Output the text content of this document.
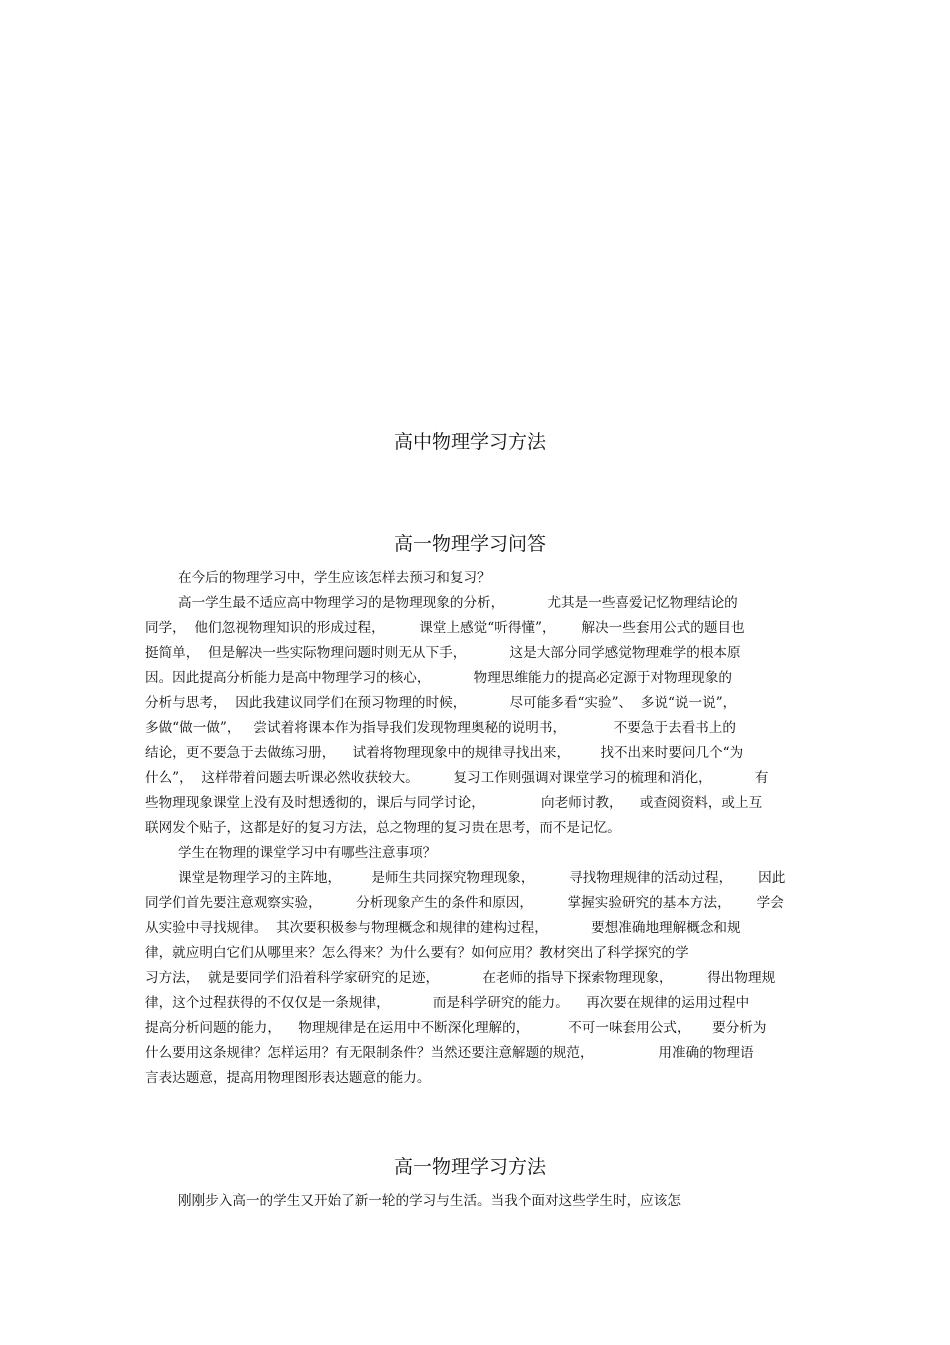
高中物理学习方法
高一物理学习问答

在今后的物理学习中，学生应该怎样去预习和复习？

高一学生最不适应高中物理学习的是物理现象的分析，          尤其是一些喜爱记忆物理结论的

同学，  他们忽视物理知识的形成过程，        课堂上感觉“听得懂”，      解决一些套用公式的题目也

挺简单，  但是解决一些实际物理问题时则无从下手，          这是大部分同学感觉物理难学的根本原

因。因此提高分析能力是高中物理学习的核心，          物理思维能力的提高必定源于对物理现象的

分析与思考，  因此我建议同学们在预习物理的时候，          尽可能多看“实验”、  多说“说一说”，

多做“做一做”，   尝试着将课本作为指导我们发现物理奥秘的说明书，           不要急于去看书上的

结论，更不要急于去做练习册，    试着将物理现象中的规律寻找出来，       找不出来时要问几个“为

什么”，  这样带着问题去听课必然收获较大。        复习工作则强调对课堂学习的梳理和消化，          有

些物理现象课堂上没有及时想透彻的，课后与同学讨论，             向老师讨教，    或查阅资料，或上互

联网发个贴子，这都是好的复习方法，总之物理的复习贵在思考，而不是记忆。

学生在物理的课堂学习中有哪些注意事项？

课堂是物理学习的主阵地，       是师生共同探究物理现象，        寻找物理规律的活动过程，      因此

同学们首先要注意观察实验，        分析现象产生的条件和原因，        掌握实验研究的基本方法，      学会

从实验中寻找规律。  其次要积极参与物理概念和规律的建构过程，          要想准确地理解概念和规

律，就应明白它们从哪里来？怎么得来？为什么要有？如何应用？教材突出了科学探究的学

习方法，  就是要同学们沿着科学家研究的足迹，          在老师的指导下探索物理现象，        得出物理规

律，这个过程获得的不仅仅是一条规律，          而是科学研究的能力。    再次要在规律的运用过程中

提高分析问题的能力，    物理规律是在运用中不断深化理解的，         不可一味套用公式，     要分析为

什么要用这条规律？怎样运用？有无限制条件？当然还要注意解题的规范，               用准确的物理语

言表达题意，提高用物理图形表达题意的能力。

高一物理学习方法

刚刚步入高一的学生又开始了新一轮的学习与生活。当我个面对这些学生时，应该怎
